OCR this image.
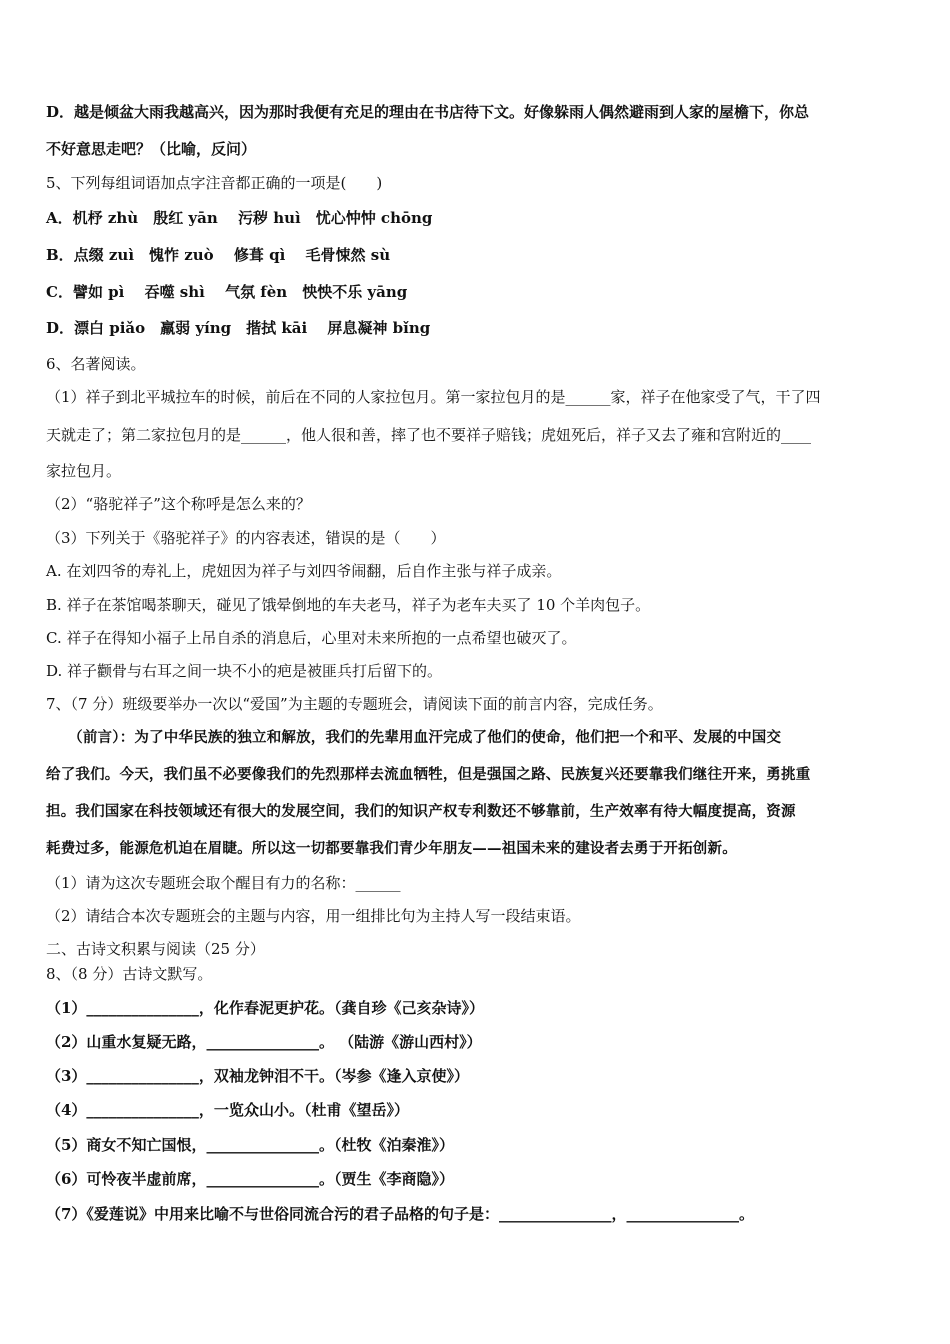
D．越是倾盆大雨我越高兴，因为那时我便有充足的理由在书店待下文。好像躲雨人偶然避雨到人家的屋檐下，你总
不好意思走吧？（比喻，反问）
5、下列每组词语加点字注音都正确的一项是(　　)
A．机杼 zhù　殷红 yān　 污秽 huì　忧心忡忡 chōng
B．点缀 zuì　愧怍 zuò　 修葺 qì　 毛骨悚然 sù
C．譬如 pì　 吞噬 shì　 气氛 fèn　怏怏不乐 yāng
D．漂白 piǎo　羸弱 yíng　揩拭 kāi　 屏息凝神 bǐng
6、名著阅读。
（1）祥子到北平城拉车的时候，前后在不同的人家拉包月。第一家拉包月的是______家，祥子在他家受了气，干了四
天就走了；第二家拉包月的是______，他人很和善，摔了也不要祥子赔钱；虎妞死后，祥子又去了雍和宫附近的____
家拉包月。
（2）“骆驼祥子”这个称呼是怎么来的？
（3）下列关于《骆驼祥子》的内容表述，错误的是（　　）
A. 在刘四爷的寿礼上，虎妞因为祥子与刘四爷闹翻，后自作主张与祥子成亲。
B. 祥子在茶馆喝茶聊天，碰见了饿晕倒地的车夫老马，祥子为老车夫买了 10 个羊肉包子。
C. 祥子在得知小福子上吊自杀的消息后，心里对未来所抱的一点希望也破灭了。
D. 祥子颧骨与右耳之间一块不小的疤是被匪兵打后留下的。
7、（7 分）班级要举办一次以“爱国”为主题的专题班会，请阅读下面的前言内容，完成任务。
　　（前言）：为了中华民族的独立和解放，我们的先辈用血汗完成了他们的使命，他们把一个和平、发展的中国交
给了我们。今天，我们虽不必要像我们的先烈那样去流血牺牲，但是强国之路、民族复兴还要靠我们继往开来，勇挑重
担。我们国家在科技领域还有很大的发展空间，我们的知识产权专利数还不够靠前，生产效率有待大幅度提高，资源
耗费过多，能源危机迫在眉睫。所以这一切都要靠我们青少年朋友——祖国未来的建设者去勇于开拓创新。
（1）请为这次专题班会取个醒目有力的名称：______
（2）请结合本次专题班会的主题与内容，用一组排比句为主持人写一段结束语。
二、古诗文积累与阅读（25 分）
8、（8 分）古诗文默写。
（1）_______________，化作春泥更护花。（龚自珍《己亥杂诗》）
（2）山重水复疑无路，_______________。 （陆游《游山西村》）
（3）_______________，双袖龙钟泪不干。（岑参《逢入京使》）
（4）_______________，一览众山小。（杜甫《望岳》）
（5）商女不知亡国恨，_______________。（杜牧《泊秦淮》）
（6）可怜夜半虚前席，_______________。（贾生《李商隐》）
（7）《爱莲说》中用来比喻不与世俗同流合污的君子品格的句子是：_______________，_______________。
